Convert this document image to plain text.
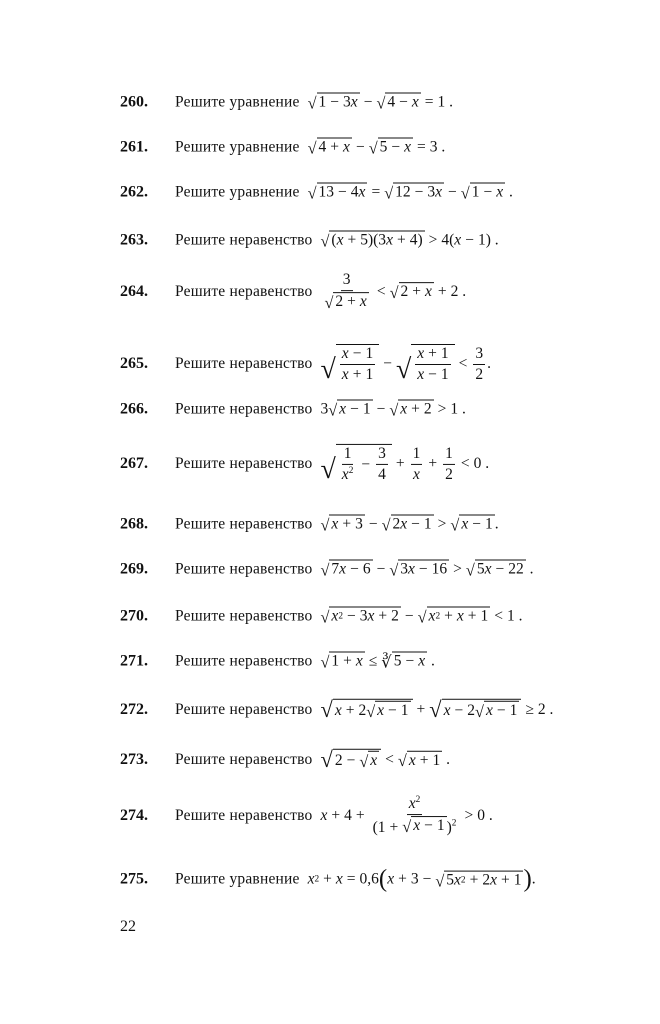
260.	Решите уравнение √ 1 − 3 x − √ 4 − x = 1 .
261.	Решите уравнение √ 4 + x − √ 5 − x = 3 .
262.	Решите уравнение √ 13 − 4 x = √ 12 − 3 x − √ 1 − x .
263.	Решите неравенство √ ( x + 5)(3 x + 4) > 4( x − 1) .
264.	Решите неравенство $\frac{3}{√ 2 + x}$ < √ 2 + x + 2 .
265.	Решите неравенство √ $\frac{x - 1}{x + 1}$ − √ $\frac{x + 1}{x - 1} < \frac{3}{2}$ .
266.	Решите неравенство 3 √ x − 1 − √ x + 2 > 1 .
267.	Решите неравенство √ $\frac{1}{x^2} - \frac{3}{4} + \frac{1}{x} + \frac{1}{2} < 0$ .
268.	Решите неравенство √ x + 3 − √ 2 x − 1 > √ x − 1 .
269.	Решите неравенство √ 7 x − 6 − √ 3 x − 16 > √ 5 x − 22 .
270.	Решите неравенство √ x 2 − 3 x + 2 − √ x 2 + x + 1 < 1 .
271.	Решите неравенство √ 1 + x ≤ ∛ 5 − x .
272.	Решите неравенство √ x + 2 √ x − 1 + √ x − 2 √ x − 1 ≥ 2 .
273.	Решите неравенство √ 2 − √ x < √ x + 1 .
274.	Решите неравенство $x + 4 + \frac{x^2}{(1 + √ x - 1 )^2} > 0$ .
275.	Решите уравнение x 2 + x = 0,6 ( x + 3 − √ 5 x 2 + 2 x + 1 ) .
22
